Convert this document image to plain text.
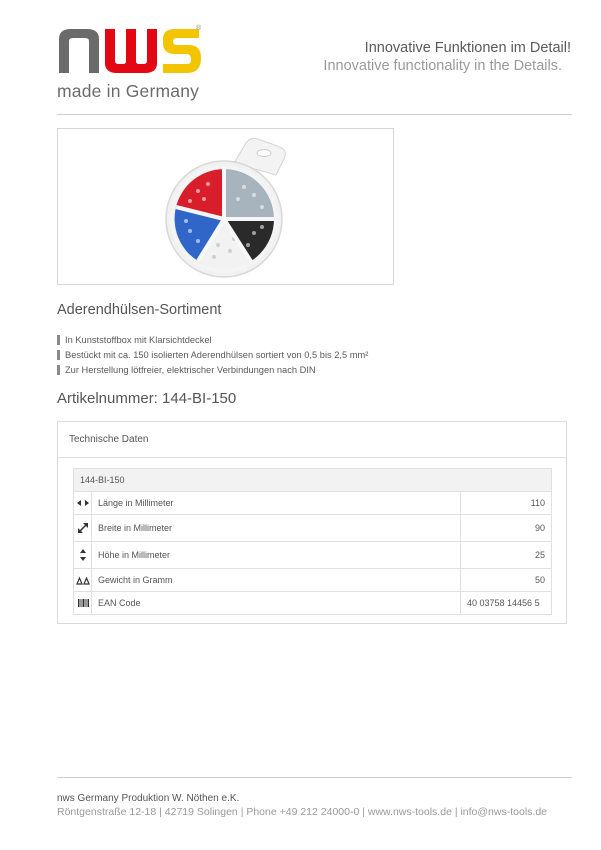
®
made in Germany
Innovative Funktionen im Detail!
Innovative functionality in the Details.
Aderendhülsen-Sortiment
In Kunststoffbox mit Klarsichtdeckel
Bestückt mit ca. 150 isolierten Aderendhülsen sortiert von 0,5 bis 2,5 mm²
Zur Herstellung lötfreier, elektrischer Verbindungen nach DIN
Artikelnummer: 144-BI-150
Technische Daten
144-BI-150		
	Länge in Millimeter	110
	Breite in Millimeter	90
	Höhe in Millimeter	25
	Gewicht in Gramm	50
	EAN Code	40 03758 14456 5
nws Germany Produktion W. Nöthen e.K.
Röntgenstraße 12-18 | 42719 Solingen | Phone +49 212 24000-0 | www.nws-tools.de | info@nws-tools.de
